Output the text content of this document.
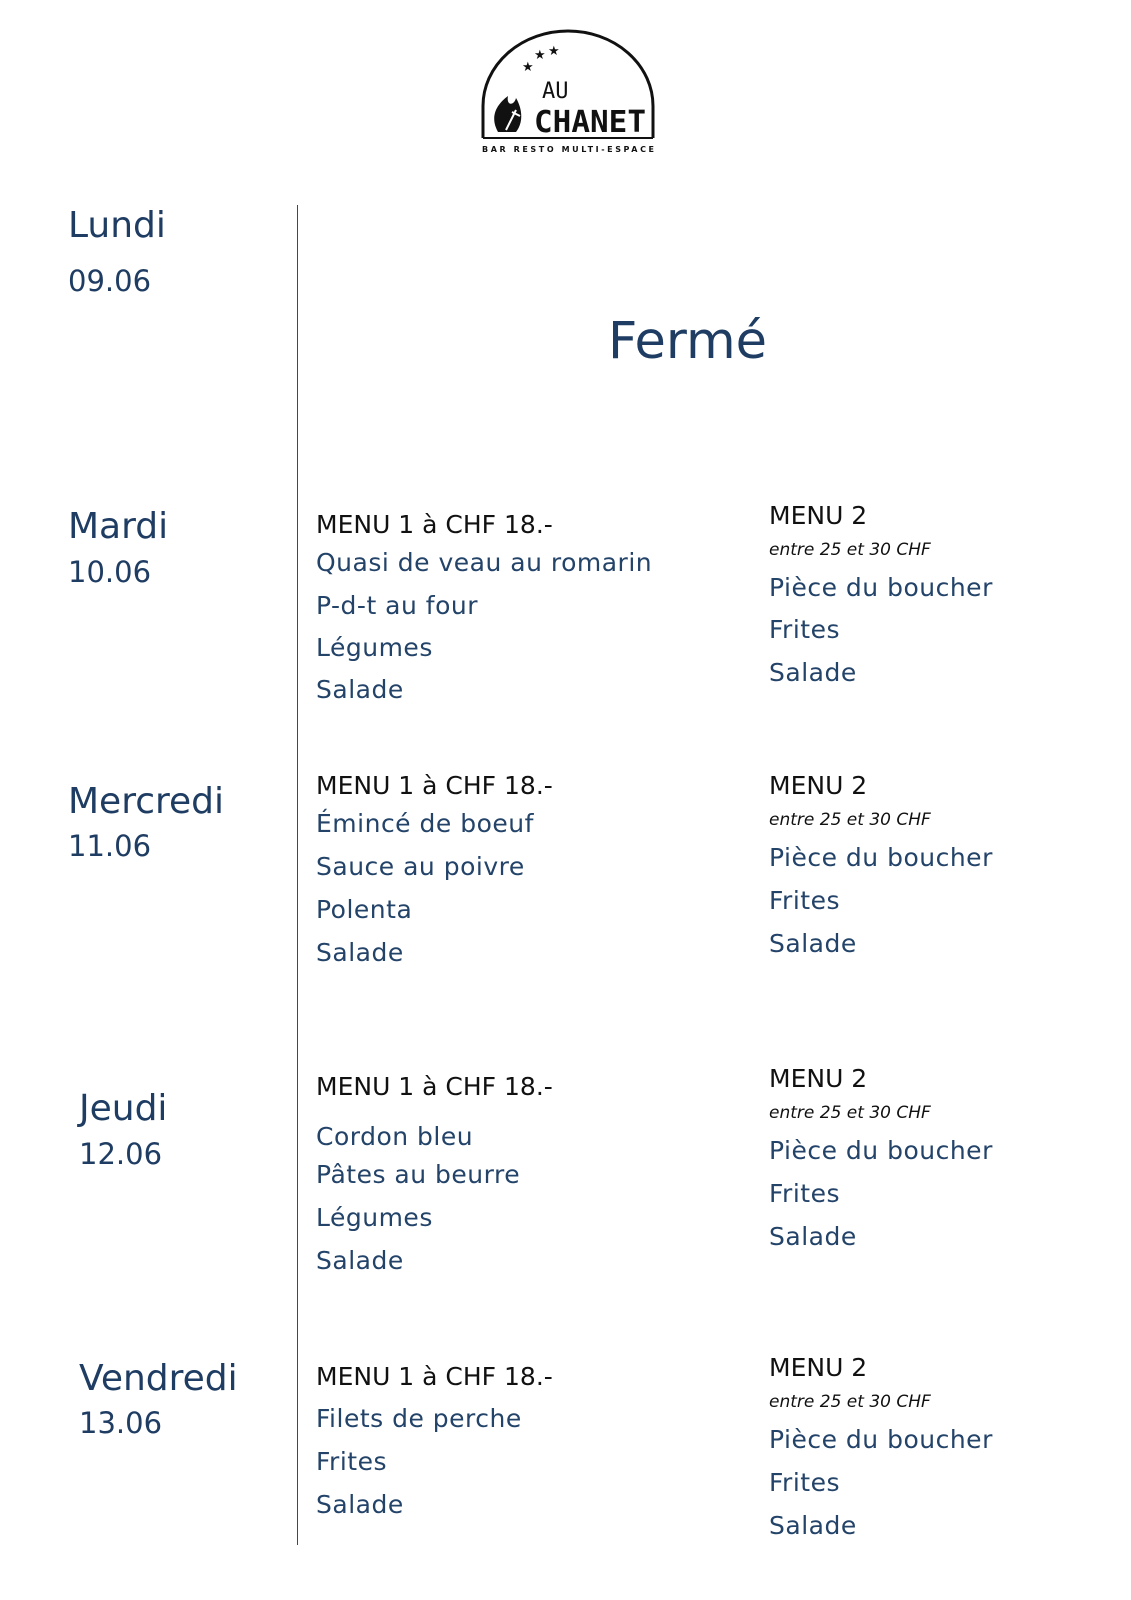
★
★ ★
AU
CHANET
BAR RESTO MULTI-ESPACE
Lundi
09.06
Fermé
Mardi
10.06
MENU 1 à CHF 18.-
Quasi de veau au romarin
P-d-t au four
Légumes
Salade
MENU 2
entre 25 et 30 CHF
Pièce du boucher
Frites
Salade
Mercredi
11.06
MENU 1 à CHF 18.-
Émincé de boeuf
Sauce au poivre
Polenta
Salade
MENU 2
entre 25 et 30 CHF
Pièce du boucher
Frites
Salade
Jeudi
12.06
MENU 1 à CHF 18.-
Cordon bleu
Pâtes au beurre
Légumes
Salade
MENU 2
entre 25 et 30 CHF
Pièce du boucher
Frites
Salade
Vendredi
13.06
MENU 1 à CHF 18.-
Filets de perche
Frites
Salade
MENU 2
entre 25 et 30 CHF
Pièce du boucher
Frites
Salade
